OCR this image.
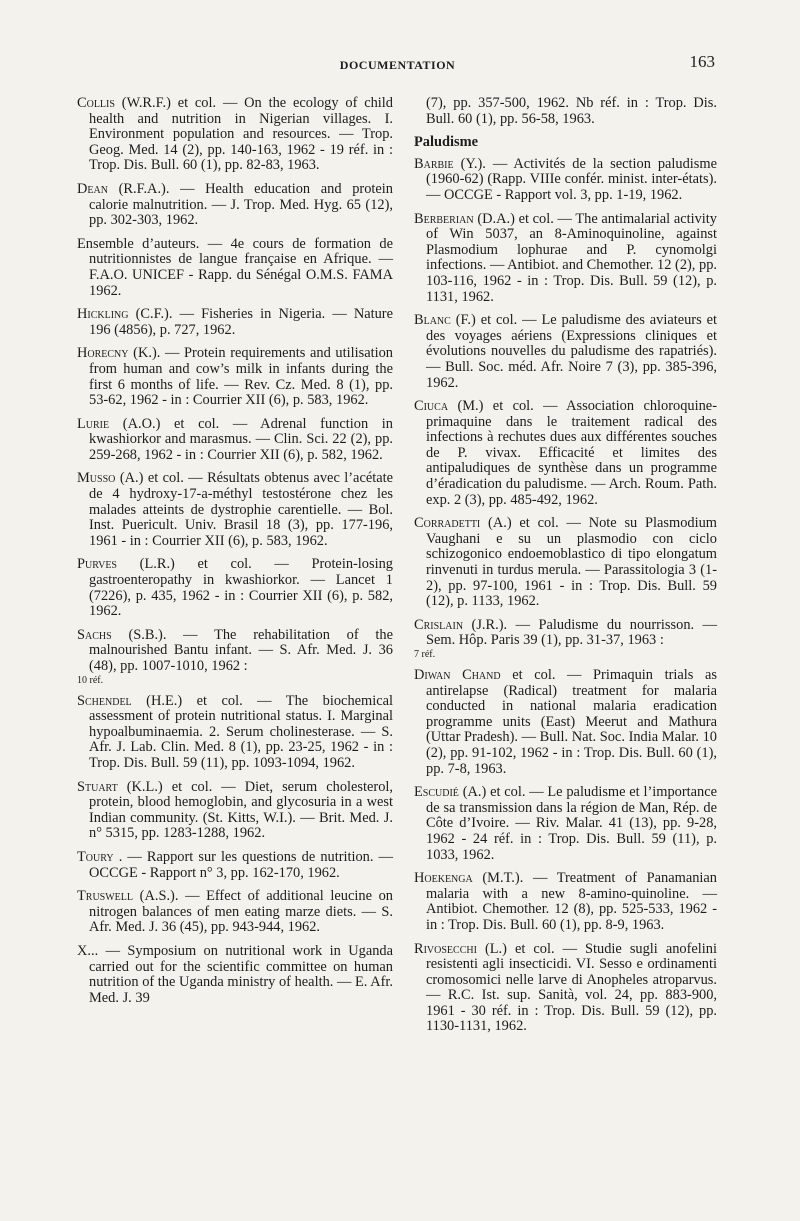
DOCUMENTATION	163
Collis (W.R.F.) et col. — On the ecology of child health and nutrition in Nigerian villages. I. Environment population and resources. — Trop. Geog. Med. 14 (2), pp. 140-163, 1962 - 19 réf. in : Trop. Dis. Bull. 60 (1), pp. 82-83, 1963.
Dean (R.F.A.). — Health education and protein calorie malnutrition. — J. Trop. Med. Hyg. 65 (12), pp. 302-303, 1962.
Ensemble d’auteurs. — 4e cours de formation de nutritionnistes de langue française en Afrique. — F.A.O. UNICEF - Rapp. du Sénégal O.M.S. FAMA 1962.
Hickling (C.F.). — Fisheries in Nigeria. — Nature 196 (4856), p. 727, 1962.
Horecny (K.). — Protein requirements and utilisation from human and cow’s milk in infants during the first 6 months of life. — Rev. Cz. Med. 8 (1), pp. 53-62, 1962 - in : Courrier XII (6), p. 583, 1962.
Lurie (A.O.) et col. — Adrenal function in kwashiorkor and marasmus. — Clin. Sci. 22 (2), pp. 259-268, 1962 - in : Courrier XII (6), p. 582, 1962.
Musso (A.) et col. — Résultats obtenus avec l’acétate de 4 hydroxy-17-a-méthyl testostérone chez les malades atteints de dystrophie carentielle. — Bol. Inst. Puericult. Univ. Brasil 18 (3), pp. 177-196, 1961 - in : Courrier XII (6), p. 583, 1962.
Purves (L.R.) et col. — Protein-losing gastroenteropathy in kwashiorkor. — Lancet 1 (7226), p. 435, 1962 - in : Courrier XII (6), p. 582, 1962.
Sachs (S.B.). — The rehabilitation of the malnourished Bantu infant. — S. Afr. Med. J. 36 (48), pp. 1007-1010, 1962 :
10 réf.
Schendel (H.E.) et col. — The biochemical assessment of protein nutritional status. I. Marginal hypoalbuminaemia. 2. Serum cholinesterase. — S. Afr. J. Lab. Clin. Med. 8 (1), pp. 23-25, 1962 - in : Trop. Dis. Bull. 59 (11), pp. 1093-1094, 1962.
Stuart (K.L.) et col. — Diet, serum cholesterol, protein, blood hemoglobin, and glycosuria in a west Indian community. (St. Kitts, W.I.). — Brit. Med. J. n° 5315, pp. 1283-1288, 1962.
Toury . — Rapport sur les questions de nutrition. — OCCGE - Rapport n° 3, pp. 162-170, 1962.
Truswell (A.S.). — Effect of additional leucine on nitrogen balances of men eating marze diets. — S. Afr. Med. J. 36 (45), pp. 943-944, 1962.
X... — Symposium on nutritional work in Uganda carried out for the scientific committee on human nutrition of the Uganda ministry of health. — E. Afr. Med. J. 39
(7), pp. 357-500, 1962. Nb réf. in : Trop. Dis. Bull. 60 (1), pp. 56-58, 1963.
Paludisme
Barbie (Y.). — Activités de la section paludisme (1960-62) (Rapp. VIIIe confér. minist. inter-états). — OCCGE - Rapport vol. 3, pp. 1-19, 1962.
Berberian (D.A.) et col. — The antimalarial activity of Win 5037, an 8-Aminoquinoline, against Plasmodium lophurae and P. cynomolgi infections. — Antibiot. and Chemother. 12 (2), pp. 103-116, 1962 - in : Trop. Dis. Bull. 59 (12), p. 1131, 1962.
Blanc (F.) et col. — Le paludisme des aviateurs et des voyages aériens (Expressions cliniques et évolutions nouvelles du paludisme des rapatriés). — Bull. Soc. méd. Afr. Noire 7 (3), pp. 385-396, 1962.
Ciuca (M.) et col. — Association chloroquine-primaquine dans le traitement radical des infections à rechutes dues aux différentes souches de P. vivax. Efficacité et limites des antipaludiques de synthèse dans un programme d’éradication du paludisme. — Arch. Roum. Path. exp. 2 (3), pp. 485-492, 1962.
Corradetti (A.) et col. — Note su Plasmodium Vaughani e su un plasmodio con ciclo schizogonico endoemoblastico di tipo elongatum rinvenuti in turdus merula. — Parassitologia 3 (1-2), pp. 97-100, 1961 - in : Trop. Dis. Bull. 59 (12), p. 1133, 1962.
Crislain (J.R.). — Paludisme du nourrisson. — Sem. Hôp. Paris 39 (1), pp. 31-37, 1963 :
7 réf.
Diwan Chand et col. — Primaquin trials as antirelapse (Radical) treatment for malaria conducted in national malaria eradication programme units (East) Meerut and Mathura (Uttar Pradesh). — Bull. Nat. Soc. India Malar. 10 (2), pp. 91-102, 1962 - in : Trop. Dis. Bull. 60 (1), pp. 7-8, 1963.
Escudié (A.) et col. — Le paludisme et l’importance de sa transmission dans la région de Man, Rép. de Côte d’Ivoire. — Riv. Malar. 41 (13), pp. 9-28, 1962 - 24 réf. in : Trop. Dis. Bull. 59 (11), p. 1033, 1962.
Hoekenga (M.T.). — Treatment of Panamanian malaria with a new 8-amino-quinoline. — Antibiot. Chemother. 12 (8), pp. 525-533, 1962 - in : Trop. Dis. Bull. 60 (1), pp. 8-9, 1963.
Rivosecchi (L.) et col. — Studie sugli anofelini resistenti agli insecticidi. VI. Sesso e ordinamenti cromosomici nelle larve di Anopheles atroparvus. — R.C. Ist. sup. Sanità, vol. 24, pp. 883-900, 1961 - 30 réf. in : Trop. Dis. Bull. 59 (12), pp. 1130-1131, 1962.
